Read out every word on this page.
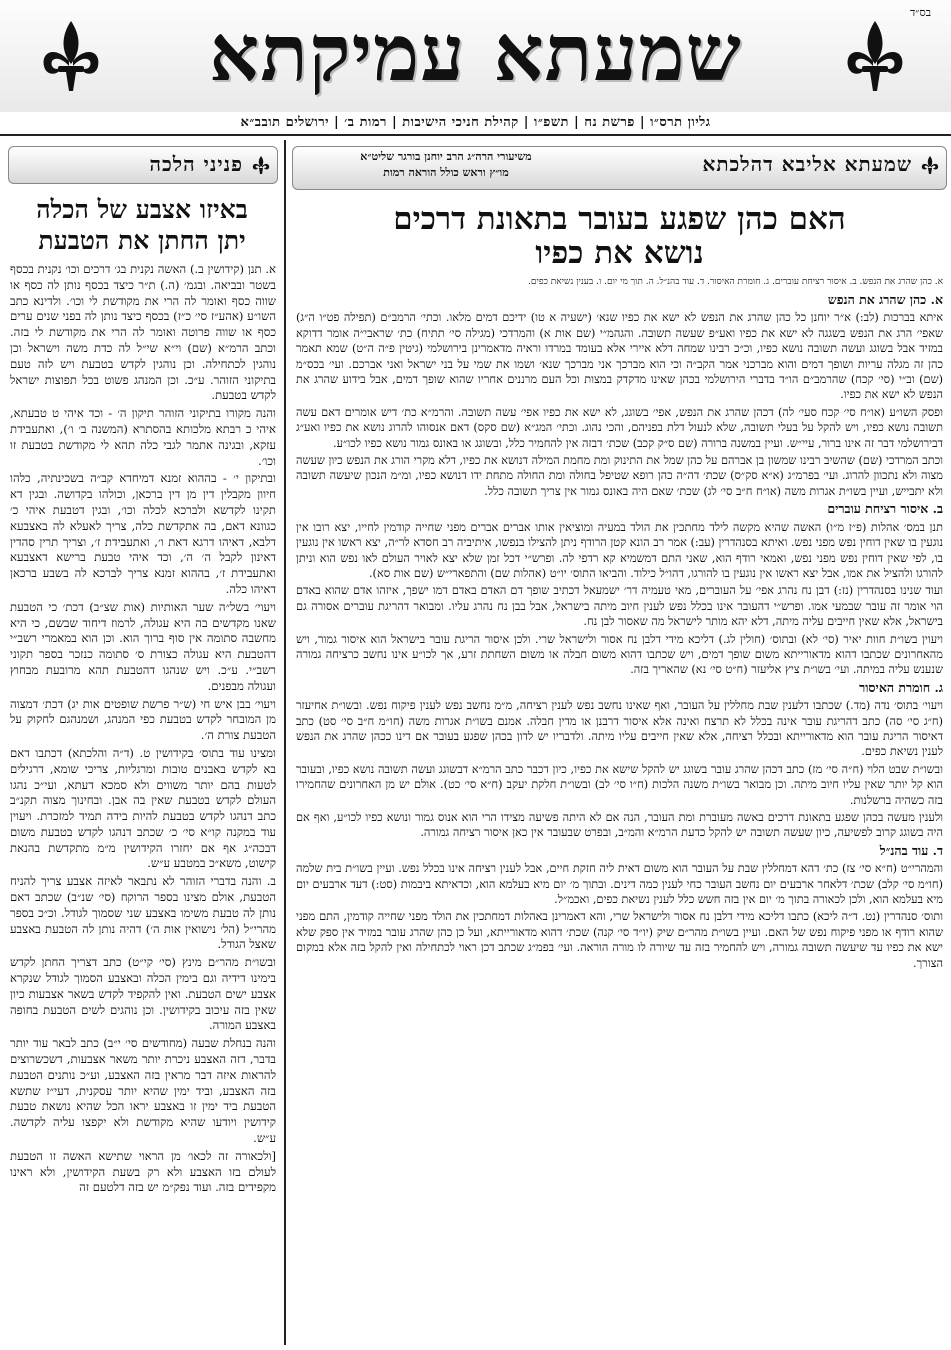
שמעתא עמיקתא	בס״ד
גליון תרס״ו | פרשת נח | תשפ״ו | קהילת חניכי הישיבות | רמות ב׳ | ירושלים תובב״א
שמעתא אליבא דהלכתא
משיעורי הרה״ג הרב יוחנן בורגר שליט״א
מו״ץ וראש כולל הוראה רמות
האם כהן שפגע בעובר בתאונת דרכים
נושא את כפיו
א. כהן שהרג את הנפש. ב. איסור רציחת עוברים. ג. חומרת האיסור. ד. עוד בהנ״ל. ה. תוך מי יום. ו. בענין נשיאת כפים.

א. כהן שהרג את הנפש

איתא בברכות (לב:) א״ר יוחנן כל כהן שהרג את הנפש לא ישא את כפיו שנא׳ (ישעיה א טו) ידיכם דמים מלאו. וכתי׳ הרמב״ם (תפילה פט״ו ה״ג) שאפי׳ הרג את הנפש בשגגה לא ישא את כפיו ואע״פ שעשה תשובה. והגהמ״י (שם אות א) והמרדכי (מגילה סי׳ תתיח) כת׳ שראבי״ה אומר דדוקא במזיד אבל בשוגג ועשה תשובה נושא כפיו, וכ״כ רבינו שמחה דלא איירי אלא בעומד במרדו וראיה מדאמרינן בירושלמי (גיטין פ״ה ה״ט) שמא תאמר כהן זה מגלה עריות ושופך דמים והוא מברכני אמר הקב״ה וכי הוא מברכך אני מברכך שנא׳ ושמו את שמי על בני ישראל ואני אברכם. ועי׳ בכס״מ (שם) וב״י (סי׳ קכח) שהרמב״ם הו״ד בדברי הירושלמי בכהן שאינו מדקדק במצות וכל העם מרננים אחריו שהוא שופך דמים, אבל בידוע שהרג את הנפש לא ישא את כפיו.

ופסק השו״ע (או״ח סי׳ קכח סעי׳ לה) דכהן שהרג את הנפש, אפי׳ בשוגג, לא ישא את כפיו אפי׳ עשה תשובה. והרמ״א כת׳ דיש אומרים דאם עשה תשובה נושא כפיו, ויש להקל על בעלי תשובה, שלא לנעול דלת בפניהם, והכי נהוג. וכתי׳ המג״א (שם סקס) דאם אנסוהו להרוג נושא את כפיו ואע״ג דבירושלמי דבר זה אינו ברור, עיי״ש. ועיין במשנה ברורה (שם ס״ק קכב) שכת׳ דבזה אין להחמיר כלל, ובשוגג או באונס גמור נושא כפיו לכו״ע.

וכתב המרדכי (שם) שהשיב רבינו שמשון בן אברהם על כהן שמל את התינוק ומת מחמת המילה דנושא את כפיו, דלא מקרי הורג את הנפש כיון שעשה מצוה ולא נתכוון להרוג. ועי׳ בפרמ״ג (א״א סק״ס) שכת׳ דה״ה כהן רופא שטיפל בחולה ומת החולה מתחת ידו דנושא כפיו, ומ״מ הנכון שיעשה תשובה ולא יתבייש, ועיין בשו״ת אגרות משה (או״ח ח״ב סי׳ לג) שכת׳ שאם היה באונס גמור אין צריך תשובה כלל.

ב. איסור רציחת עוברים

תנן במס׳ אהלות (פ״ז מ״ו) האשה שהיא מקשה לילד מחתכין את הולד במעיה ומוציאין אותו אברים אברים מפני שחייה קודמין לחייו, יצא רובו אין נוגעין בו שאין דוחין נפש מפני נפש. ואיתא בסנהדרין (עב:) אמר רב הונא קטן הרודף ניתן להצילו בנפשו, איתיביה רב חסדא לר״ה, יצא ראשו אין נוגעין בו, לפי שאין דוחין נפש מפני נפש, ואמאי רודף הוא, שאני התם דמשמיא קא רדפי לה. ופרש״י דכל זמן שלא יצא לאויר העולם לאו נפש הוא וניתן להורגו ולהציל את אמו, אבל יצא ראשו אין נוגעין בו להורגו, דהו״ל כילוד. והביאו התוס׳ יו״ט (אהלות שם) והתפארי״ש (שם אות סא).

ועוד שנינו בסנהדרין (נז:) דבן נח נהרג אפי׳ על העוברים, מאי טעמיה דר׳ ישמעאל דכתיב שופך דם האדם באדם דמו ישפך, איזהו אדם שהוא באדם הוי אומר זה עובר שבמעי אמו. ופרש״י דהעובר אינו בכלל נפש לענין חיוב מיתה בישראל, אבל בבן נח נהרג עליו. ומבואר דהריגת עוברים אסורה גם בישראל, אלא שאין חייבים עליה מיתה, דלא יהא מותר לישראל מה שאסור לבן נח.

ויעוין בשו״ת חוות יאיר (סי׳ לא) ובתוס׳ (חולין לג.) דליכא מידי דלבן נח אסור ולישראל שרי. ולכן איסור הריגת עובר בישראל הוא איסור גמור, ויש מהאחרונים שכתבו דהוא מדאורייתא משום שופך דמים, ויש שכתבו דהוא משום חבלה או משום השחתת זרע, אך לכו״ע אינו נחשב כרציחה גמורה שנענש עליה במיתה. ועי׳ בשו״ת ציץ אליעזר (ח״ט סי׳ נא) שהאריך בזה.

ג. חומרת האיסור

ויעוי׳ בתוס׳ נדה (מד.) שכתבו דלענין שבת מחללין על העובר, ואף שאינו נחשב נפש לענין רציחה, מ״מ נחשב נפש לענין פיקוח נפש. ובשו״ת אחיעזר (ח״ג סי׳ סה) כתב דהריגת עובר אינה בכלל לא תרצח ואינה אלא איסור דרבנן או מדין חבלה. אמנם בשו״ת אגרות משה (חו״מ ח״ב סי׳ סט) כתב דאיסור הריגת עובר הוא מדאורייתא ובכלל רציחה, אלא שאין חייבים עליו מיתה. ולדבריו יש לדון בכהן שפגע בעובר אם דינו ככהן שהרג את הנפש לענין נשיאת כפים.

ובשו״ת שבט הלוי (ח״ה סי׳ מז) כתב דכהן שהרג עובר בשוגג יש להקל שישא את כפיו, כיון דכבר כתב הרמ״א דבשוגג ועשה תשובה נושא כפיו, ובעובר הוא קל יותר שאין עליו חיוב מיתה. וכן מבואר בשו״ת משנה הלכות (ח״ו סי׳ לב) ובשו״ת חלקת יעקב (ח״א סי׳ כט). אולם יש מן האחרונים שהחמירו בזה כשהיה ברשלנות.

ולענין מעשה בכהן שפגע בתאונת דרכים באשה מעוברת ומת העובר, הנה אם לא היתה פשיעה מצידו הרי הוא אנוס גמור ונושא כפיו לכו״ע, ואף אם היה בשוגג קרוב לפשיעה, כיון שעשה תשובה יש להקל כדעת הרמ״א והמ״ב, ובפרט שבעובר אין כאן איסור רציחה גמורה.

ד. עוד בהנ״ל

והמהרי״ט (ח״א סי׳ צז) כת׳ דהא דמחללין שבת על העובר הוא משום דאית ליה חזקת חיים, אבל לענין רציחה אינו בכלל נפש. ועיין בשו״ת בית שלמה (חו״מ סי׳ קלב) שכת׳ דלאחר ארבעים יום נחשב העובר כחי לענין כמה דינים. ובתוך מ׳ יום מיא בעלמא הוא, וכדאיתא ביבמות (סט:) דעד ארבעים יום מיא בעלמא הוא, ולכן לכאורה בתוך מ׳ יום אין בזה חשש כלל לענין נשיאת כפים, ואכמ״ל.

ותוס׳ סנהדרין (נט. ד״ה ליכא) כתבו דליכא מידי דלבן נח אסור ולישראל שרי, והא דאמרינן באהלות דמחתכין את הולד מפני שחייה קודמין, התם מפני שהוא רודף או מפני פיקוח נפש של האם. ועיין בשו״ת מהר״ם שיק (יו״ד סי׳ קנה) שכת׳ דהוא מדאורייתא, ועל כן כהן שהרג עובר במזיד אין ספק שלא ישא את כפיו עד שיעשה תשובה גמורה, ויש להחמיר בזה עד שיורה לו מורה הוראה. ועי׳ בפמ״ג שכתב דכן ראוי לכתחילה ואין להקל בזה אלא במקום הצורך.

פניני הלכה
באיזו אצבע של הכלה
יתן החתן את הטבעת

א. תנן (קידושין ב.) האשה נקנית בג׳ דרכים וכו׳ נקנית בכסף בשטר ובביאה. ובגמ׳ (ה.) ת״ר כיצד בכסף נותן לה כסף או שווה כסף ואומר לה הרי את מקודשת לי וכו׳. ולדינא כתב השו״ע (אהע״ז סי׳ כ״ז) בכסף כיצד נותן לה בפני שנים ערים כסף או שווה פרוטה ואומר לה הרי את מקודשת לי בזה. וכתב הרמ״א (שם) וי״א שי״ל לה כדת משה וישראל וכן נוהגין לכתחילה. וכן נוהגין לקדש בטבעת ויש לזה טעם בתיקוני הזוהר. ע״כ. וכן המנהג פשוט בכל תפוצות ישראל לקדש בטבעת.

והנה מקורו בתיקוני הזוהר תיקון ה׳ - וכד איהי ט טבעתא, איהי כ רבתא מלכותא בהסתרא (המשנה ב׳ ו׳), ואתעבידת עזקא, ובגינה אתמר לגבי כלה תהא לי מקודשת בטבעת זו וכו׳.

ובתיקון י׳ - בההוא זמנא דמיחדא קב״ה בשכינתיה, כלהו חיוון מקבלין דין מן דין ברכאן, וכולהו בקדושה. ובגין דא תקינו לקדשא ולברכא לכלה וכו׳, ובגין דטבעת איהי כ׳ כגוונא דאם, בה אתקדשת כלה, צריך לאעלא לה באצבעא דלבא, דאיהו דרגא דאת ו׳, ואתעבידת ז׳, וצריך תרין סהדין דאינון לקבל ה׳ ה׳, וכד איהי טבעת ברישא דאצבעא ואתעבידת ז׳, בההוא זמנא צריך לברכא לה בשבע ברכאן דאיהו כלה.

ויעוי׳ בשל״ה שער האותיות (אות שצ״ב) דכת׳ כי הטבעת שאנו מקדשים בה היא עגולה, לרמוז דיחוד שבשם, כי היא מחשבה סתומה אין סוף ברוך הוא. וכן הוא במאמרי רשב״י דהטבעת היא עגולה כצורת ס׳ סתומה כנזכר בספר תקוני רשב״י. ע״כ. ויש שנהגו דהטבעת תהא מרובעת מבחוץ ועגולה מבפנים.

ויעוי׳ בבן איש חי (ש״ר פרשת שופטים אות יג) דכת׳ דמצוה מן המובחר לקדש בטבעת כפי המנהג, ושמנהגם לחקוק על הטבעת צורת ה׳.

ומצינו עוד בתוס׳ בקידושין ט. (ד״ה והלכתא) דכתבו דאם בא לקדש באבנים טובות ומרגליות, צריכי שומא, דרגילים לטעות בהם יותר משווים ולא סמכא דעתא, ועי״כ נהגו העולם לקדש בטבעת שאין בה אבן. ובחינוך מצוה תקנ״ב כתב דנהגו לקדש בטבעת להיות בידה תמיד למזכרת. ויעוין עוד במקנה קו״א סי׳ כ׳ שכתב דנהגו לקדש בטבעת משום דבכה״ג אף אם יחזרו הקידושין מ״מ מתקדשת בהנאת קישוט, משא״כ במטבע ע״ש.

ב. והנה בדברי הזוהר לא נתבאר לאיזה אצבע צריך להניח הטבעת, אולם מצינו בספר הרוקח (סי׳ שנ״ב) שכתב דאם נותן לה טבעת משימו באצבע שני שסמוך לגודל. וכ״כ בספר מהרי״ל (הל׳ נישואין אות ה׳) דהיה נותן לה הטבעת באצבע שאצל הגודל.

ובשו״ת מהר״ם מינץ (סי׳ קי״ט) כתב דצריך החתן לקדש בימינו דידיה וגם בימין הכלה ובאצבע הסמוך לגודל שנקרא אצבע ישים הטבעת. ואין להקפיד לקדש בשאר אצבעות כיון שאין בזה עיכוב בקידושין. וכן נוהגים לשים הטבעת בחופה באצבע המורה.

והנה בנחלת שבעה (מחודשים סי׳ י״ב) כתב לבאר עוד יותר בדבר, דזה האצבע ניכרת יותר משאר אצבעות, דשכשרוצים להראות איזה דבר מראין בזה האצבע, וע״כ נותנים הטבעת בזה האצבע, וביד ימין שהיא יותר עסקנית, דעי״ז שתשא הטבעת ביד ימין זו באצבע יראו הכל שהיא נושאת טבעת קידושין ויודעו שהיא מקודשת ולא יקפצו עליה לקדשה. ע״ש.

[ולכאורה זה לכאו׳ מן הראוי שתישא האשה זו הטבעת לעולם בזו האצבע ולא רק בשעת הקידושין, ולא ראינו מקפידים בזה. ועוד נפק״מ יש בזה דלטעם זה
